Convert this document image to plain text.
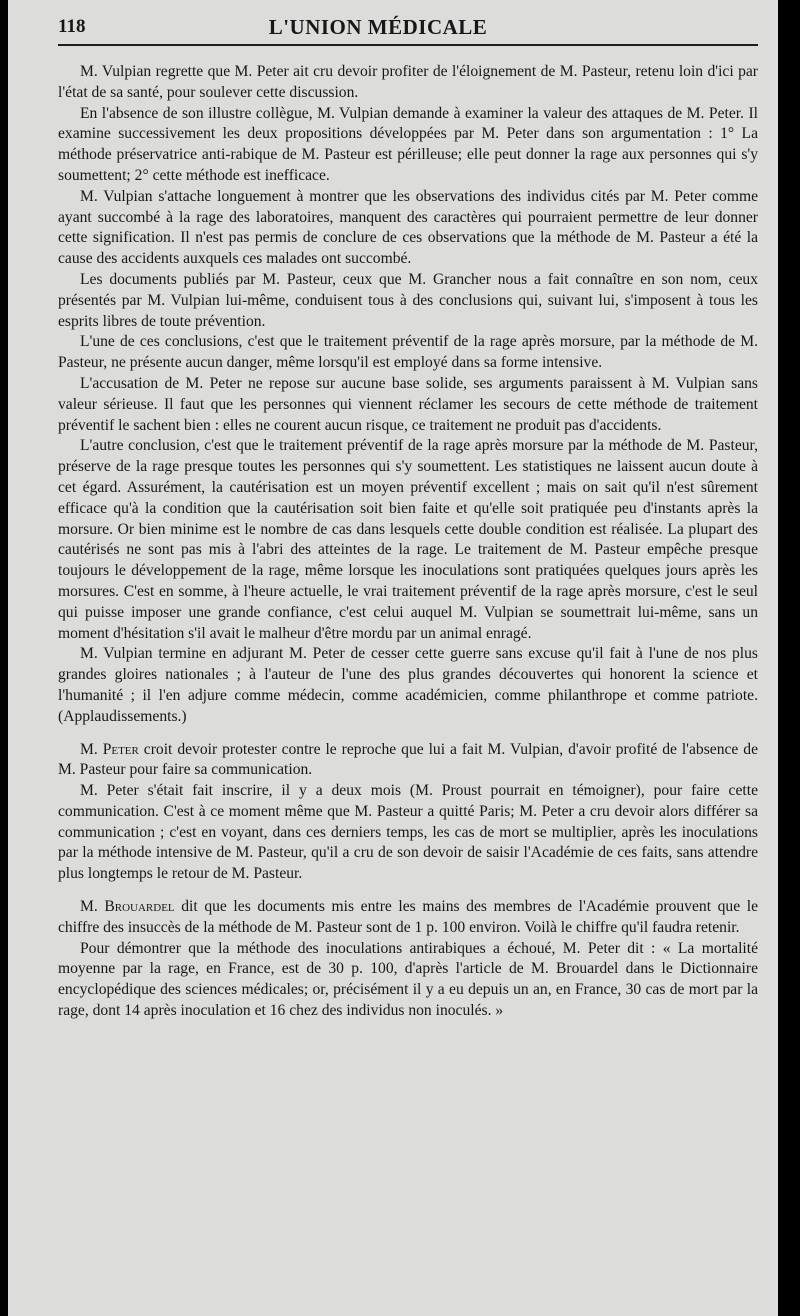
118	L'UNION MÉDICALE

M. Vulpian regrette que M. Peter ait cru devoir profiter de l'éloignement de M. Pasteur, retenu loin d'ici par l'état de sa santé, pour soulever cette discussion.

En l'absence de son illustre collègue, M. Vulpian demande à examiner la valeur des attaques de M. Peter. Il examine successivement les deux propositions développées par M. Peter dans son argumentation : 1° La méthode préservatrice anti-rabique de M. Pasteur est périlleuse; elle peut donner la rage aux personnes qui s'y soumettent; 2° cette méthode est inefficace.

M. Vulpian s'attache longuement à montrer que les observations des individus cités par M. Peter comme ayant succombé à la rage des laboratoires, manquent des caractères qui pourraient permettre de leur donner cette signification. Il n'est pas permis de conclure de ces observations que la méthode de M. Pasteur a été la cause des accidents auxquels ces malades ont succombé.

Les documents publiés par M. Pasteur, ceux que M. Grancher nous a fait connaître en son nom, ceux présentés par M. Vulpian lui-même, conduisent tous à des conclusions qui, suivant lui, s'imposent à tous les esprits libres de toute prévention.

L'une de ces conclusions, c'est que le traitement préventif de la rage après morsure, par la méthode de M. Pasteur, ne présente aucun danger, même lorsqu'il est employé dans sa forme intensive.

L'accusation de M. Peter ne repose sur aucune base solide, ses arguments paraissent à M. Vulpian sans valeur sérieuse. Il faut que les personnes qui viennent réclamer les secours de cette méthode de traitement préventif le sachent bien : elles ne courent aucun risque, ce traitement ne produit pas d'accidents.

L'autre conclusion, c'est que le traitement préventif de la rage après morsure par la méthode de M. Pasteur, préserve de la rage presque toutes les personnes qui s'y soumettent. Les statistiques ne laissent aucun doute à cet égard. Assurément, la cautérisation est un moyen préventif excellent ; mais on sait qu'il n'est sûrement efficace qu'à la condition que la cautérisation soit bien faite et qu'elle soit pratiquée peu d'instants après la morsure. Or bien minime est le nombre de cas dans lesquels cette double condition est réalisée. La plupart des cautérisés ne sont pas mis à l'abri des atteintes de la rage. Le traitement de M. Pasteur empêche presque toujours le développement de la rage, même lorsque les inoculations sont pratiquées quelques jours après les morsures. C'est en somme, à l'heure actuelle, le vrai traitement préventif de la rage après morsure, c'est le seul qui puisse imposer une grande confiance, c'est celui auquel M. Vulpian se soumettrait lui-même, sans un moment d'hésitation s'il avait le malheur d'être mordu par un animal enragé.

M. Vulpian termine en adjurant M. Peter de cesser cette guerre sans excuse qu'il fait à l'une de nos plus grandes gloires nationales ; à l'auteur de l'une des plus grandes découvertes qui honorent la science et l'humanité ; il l'en adjure comme médecin, comme académicien, comme philanthrope et comme patriote. (Applaudissements.)

M. Peter croit devoir protester contre le reproche que lui a fait M. Vulpian, d'avoir profité de l'absence de M. Pasteur pour faire sa communication.

M. Peter s'était fait inscrire, il y a deux mois (M. Proust pourrait en témoigner), pour faire cette communication. C'est à ce moment même que M. Pasteur a quitté Paris; M. Peter a cru devoir alors différer sa communication ; c'est en voyant, dans ces derniers temps, les cas de mort se multiplier, après les inoculations par la méthode intensive de M. Pasteur, qu'il a cru de son devoir de saisir l'Académie de ces faits, sans attendre plus longtemps le retour de M. Pasteur.

M. Brouardel dit que les documents mis entre les mains des membres de l'Académie prouvent que le chiffre des insuccès de la méthode de M. Pasteur sont de 1 p. 100 environ. Voilà le chiffre qu'il faudra retenir.

Pour démontrer que la méthode des inoculations antirabiques a échoué, M. Peter dit : « La mortalité moyenne par la rage, en France, est de 30 p. 100, d'après l'article de M. Brouardel dans le Dictionnaire encyclopédique des sciences médicales; or, précisément il y a eu depuis un an, en France, 30 cas de mort par la rage, dont 14 après inoculation et 16 chez des individus non inoculés. »
